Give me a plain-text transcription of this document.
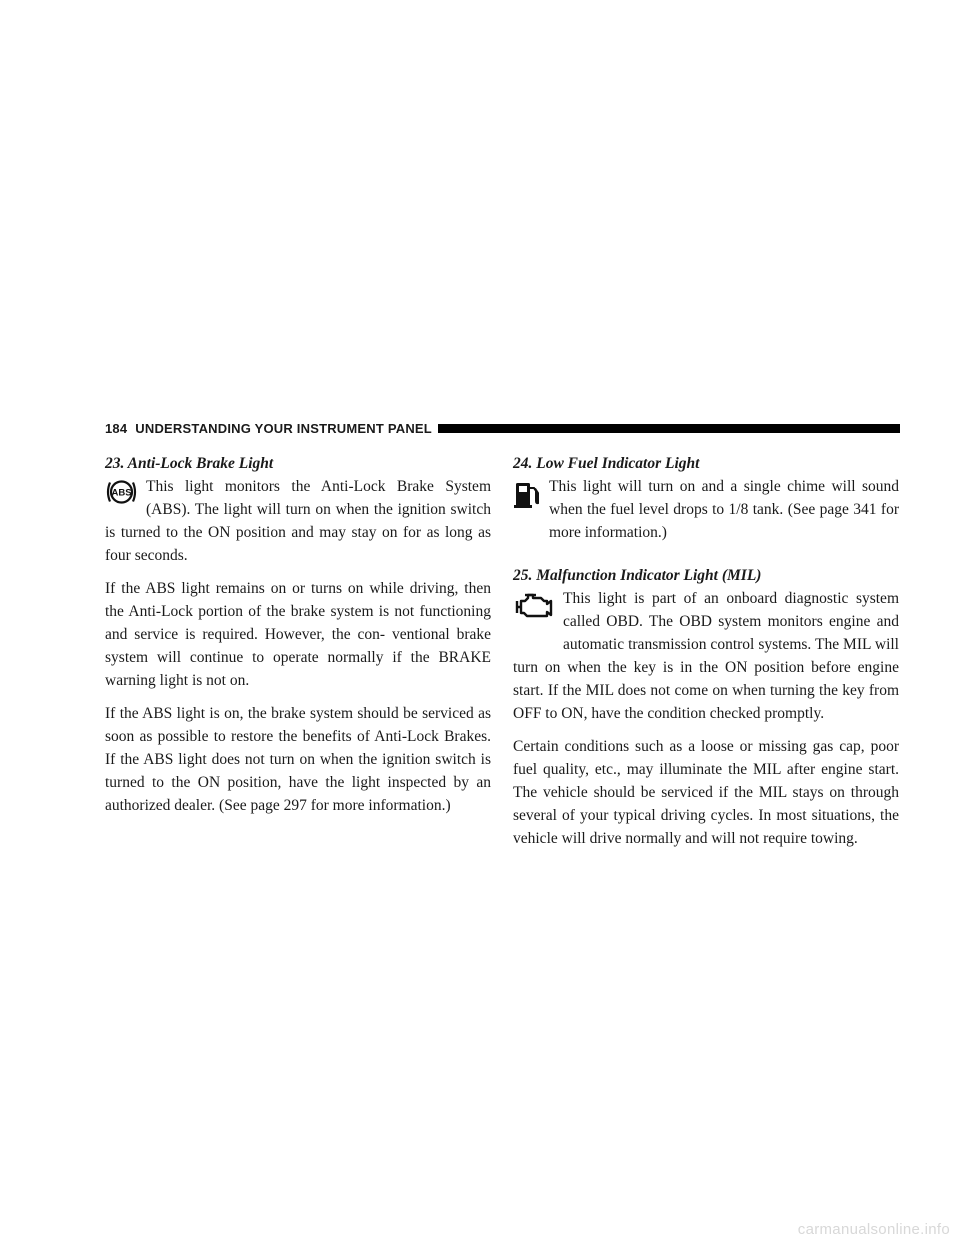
184 UNDERSTANDING YOUR INSTRUMENT PANEL

23. Anti-Lock Brake Light

ABS This light monitors the Anti-Lock Brake System (ABS). The light will turn on when the ignition switch is turned to the ON position and may stay on for as long as four seconds.

If the ABS light remains on or turns on while driving, then the Anti-Lock portion of the brake system is not functioning and service is required. However, the con- ventional brake system will continue to operate normally if the BRAKE warning light is not on.

If the ABS light is on, the brake system should be serviced as soon as possible to restore the benefits of Anti-Lock Brakes. If the ABS light does not turn on when the ignition switch is turned to the ON position, have the light inspected by an authorized dealer. (See page 297 for more information.)

24. Low Fuel Indicator Light

This light will turn on and a single chime will sound when the fuel level drops to 1/8 tank. (See page 341 for more information.)

25. Malfunction Indicator Light (MIL)

This light is part of an onboard diagnostic system called OBD. The OBD system monitors engine and automatic transmission control systems. The MIL will turn on when the key is in the ON position before engine start. If the MIL does not come on when turning the key from OFF to ON, have the condition checked promptly.

Certain conditions such as a loose or missing gas cap, poor fuel quality, etc., may illuminate the MIL after engine start. The vehicle should be serviced if the MIL stays on through several of your typical driving cycles. In most situations, the vehicle will drive normally and will not require towing.

carmanualsonline.info
